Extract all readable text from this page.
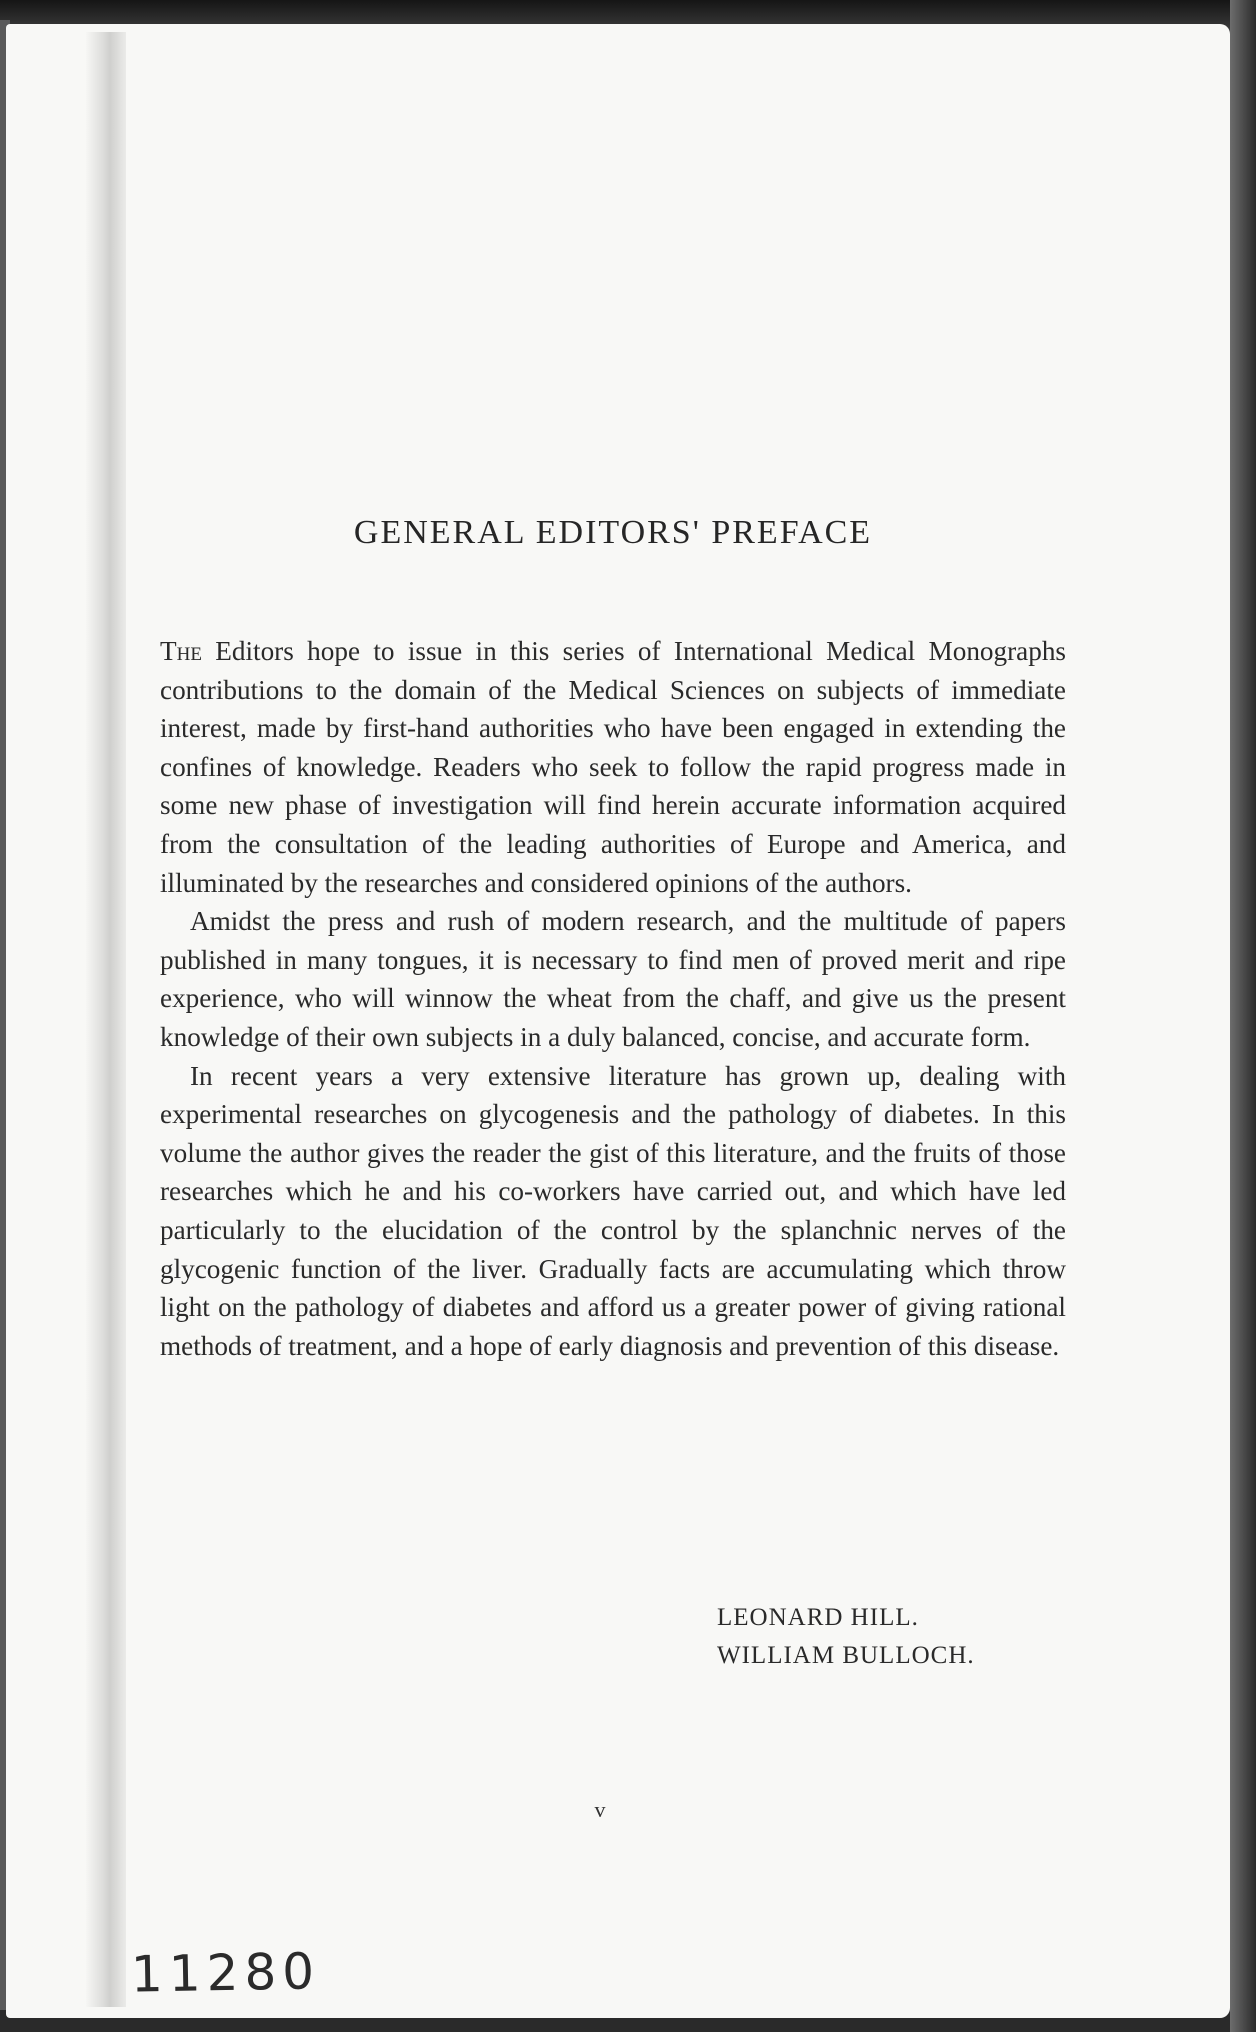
GENERAL EDITORS' PREFACE

The Editors hope to issue in this series of International Medical Monographs contributions to the domain of the Medical Sciences on subjects of immediate interest, made by first-hand authorities who have been engaged in extending the confines of knowledge. Readers who seek to follow the rapid progress made in some new phase of investigation will find herein accurate information acquired from the consultation of the leading authorities of Europe and America, and illuminated by the researches and considered opinions of the authors.

Amidst the press and rush of modern research, and the multitude of papers published in many tongues, it is necessary to find men of proved merit and ripe experience, who will winnow the wheat from the chaff, and give us the present knowledge of their own subjects in a duly balanced, concise, and accurate form.

In recent years a very extensive literature has grown up, dealing with experimental researches on glycogenesis and the pathology of diabetes. In this volume the author gives the reader the gist of this literature, and the fruits of those researches which he and his co-workers have carried out, and which have led particularly to the elucidation of the control by the splanchnic nerves of the glycogenic function of the liver. Gradually facts are accumulating which throw light on the pathology of diabetes and afford us a greater power of giving rational methods of treatment, and a hope of early diagnosis and prevention of this disease.

LEONARD HILL.
WILLIAM BULLOCH.
v
11280
